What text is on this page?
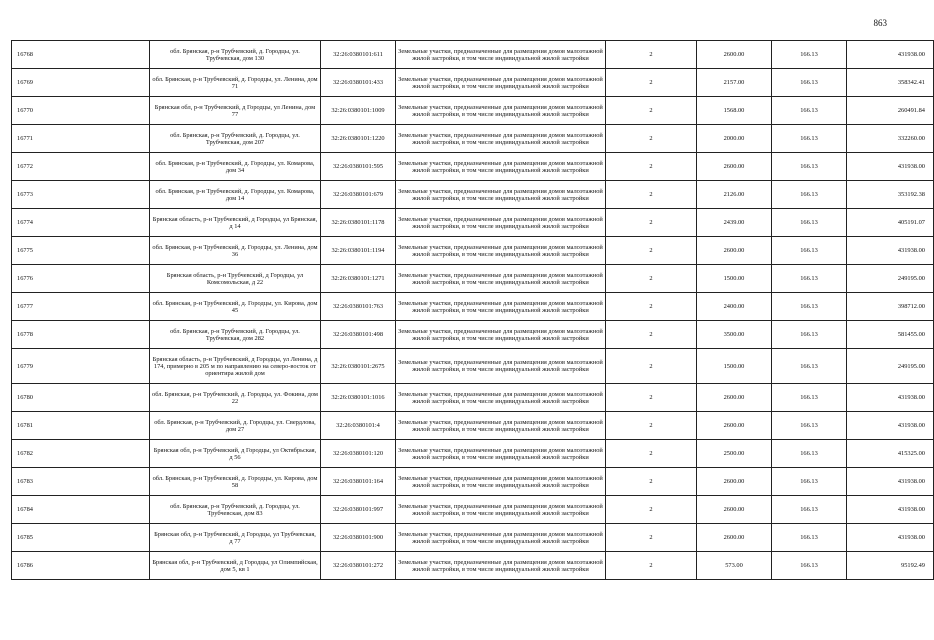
863
16768	обл. Брянская, р-н Трубчевский, д. Городцы, ул. Трубчевская, дом 130	32:26:0380101:611	Земельные участки, предназначенные для размещения домов малоэтажной жилой застройки, в том числе индивидуальной жилой застройки	2	2600.00	166.13	431938.00
16769	обл. Брянская, р-н Трубчевский, д. Городцы, ул. Ленина, дом 71	32:26:0380101:433	Земельные участки, предназначенные для размещения домов малоэтажной жилой застройки, в том числе индивидуальной жилой застройки	2	2157.00	166.13	358342.41
16770	Брянская обл, р-н Трубчевский, д Городцы, ул Ленина, дом 77	32:26:0380101:1009	Земельные участки, предназначенные для размещения домов малоэтажной жилой застройки, в том числе индивидуальной жилой застройки	2	1568.00	166.13	260491.84
16771	обл. Брянская, р-н Трубчевский, д. Городцы, ул. Трубчевская, дом 207	32:26:0380101:1220	Земельные участки, предназначенные для размещения домов малоэтажной жилой застройки, в том числе индивидуальной жилой застройки	2	2000.00	166.13	332260.00
16772	обл. Брянская, р-н Трубчевский, д. Городцы, ул. Комарова, дом 34	32:26:0380101:595	Земельные участки, предназначенные для размещения домов малоэтажной жилой застройки, в том числе индивидуальной жилой застройки	2	2600.00	166.13	431938.00
16773	обл. Брянская, р-н Трубчевский, д. Городцы, ул. Комарова, дом 14	32:26:0380101:679	Земельные участки, предназначенные для размещения домов малоэтажной жилой застройки, в том числе индивидуальной жилой застройки	2	2126.00	166.13	353192.38
16774	Брянская область, р-н Трубчевский, д Городцы, ул Брянская, д 14	32:26:0380101:1178	Земельные участки, предназначенные для размещения домов малоэтажной жилой застройки, в том числе индивидуальной жилой застройки	2	2439.00	166.13	405191.07
16775	обл. Брянская, р-н Трубчевский, д. Городцы, ул. Ленина, дом 36	32:26:0380101:1194	Земельные участки, предназначенные для размещения домов малоэтажной жилой застройки, в том числе индивидуальной жилой застройки	2	2600.00	166.13	431938.00
16776	Брянская область, р-н Трубчевский, д Городцы, ул Комсомольская, д 22	32:26:0380101:1271	Земельные участки, предназначенные для размещения домов малоэтажной жилой застройки, в том числе индивидуальной жилой застройки	2	1500.00	166.13	249195.00
16777	обл. Брянская, р-н Трубчевский, д. Городцы, ул. Кирова, дом 45	32:26:0380101:763	Земельные участки, предназначенные для размещения домов малоэтажной жилой застройки, в том числе индивидуальной жилой застройки	2	2400.00	166.13	398712.00
16778	обл. Брянская, р-н Трубчевский, д. Городцы, ул. Трубчевская, дом 282	32:26:0380101:498	Земельные участки, предназначенные для размещения домов малоэтажной жилой застройки, в том числе индивидуальной жилой застройки	2	3500.00	166.13	581455.00
16779	Брянская область, р-н Трубчевский, д Городцы, ул Ленина, д 174, примерно в 205 м по направлению на северо-восток от ориентира жилой дом	32:26:0380101:2675	Земельные участки, предназначенные для размещения домов малоэтажной жилой застройки, в том числе индивидуальной жилой застройки	2	1500.00	166.13	249195.00
16780	обл. Брянская, р-н Трубчевский, д. Городцы, ул. Фокина, дом 22	32:26:0380101:1016	Земельные участки, предназначенные для размещения домов малоэтажной жилой застройки, в том числе индивидуальной жилой застройки	2	2600.00	166.13	431938.00
16781	обл. Брянская, р-н Трубчевский, д. Городцы, ул. Свердлова, дом 27	32:26:0380101:4	Земельные участки, предназначенные для размещения домов малоэтажной жилой застройки, в том числе индивидуальной жилой застройки	2	2600.00	166.13	431938.00
16782	Брянская обл, р-н Трубчевский, д Городцы, ул Октябрьская, д 56	32:26:0380101:120	Земельные участки, предназначенные для размещения домов малоэтажной жилой застройки, в том числе индивидуальной жилой застройки	2	2500.00	166.13	415325.00
16783	обл. Брянская, р-н Трубчевский, д. Городцы, ул. Кирова, дом 58	32:26:0380101:164	Земельные участки, предназначенные для размещения домов малоэтажной жилой застройки, в том числе индивидуальной жилой застройки	2	2600.00	166.13	431938.00
16784	обл. Брянская, р-н Трубчевский, д. Городцы, ул. Трубчевская, дом 83	32:26:0380101:997	Земельные участки, предназначенные для размещения домов малоэтажной жилой застройки, в том числе индивидуальной жилой застройки	2	2600.00	166.13	431938.00
16785	Брянская обл, р-н Трубчевский, д Городцы, ул Трубчевская, д 77	32:26:0380101:900	Земельные участки, предназначенные для размещения домов малоэтажной жилой застройки, в том числе индивидуальной жилой застройки	2	2600.00	166.13	431938.00
16786	Брянская обл, р-н Трубчевский, д Городцы, ул Олимпийская, дом 5, кв 1	32:26:0380101:272	Земельные участки, предназначенные для размещения домов малоэтажной жилой застройки, в том числе индивидуальной жилой застройки	2	573.00	166.13	95192.49
